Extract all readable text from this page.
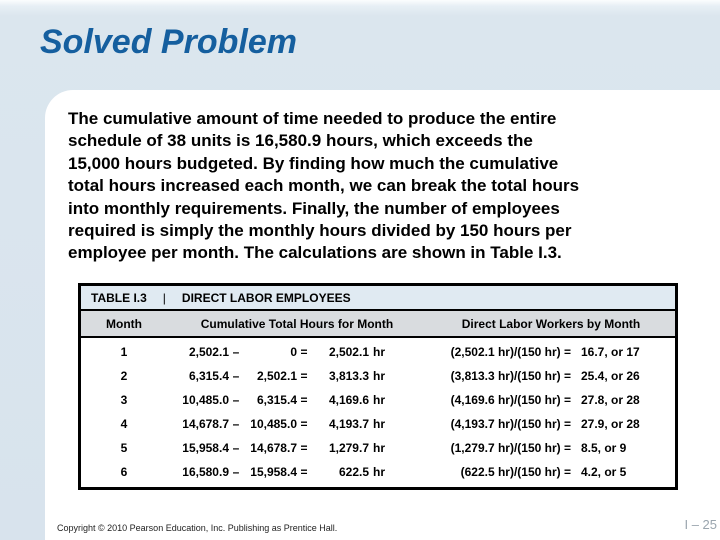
Solved Problem
The cumulative amount of time needed to produce the entire
schedule of 38 units is 16,580.9 hours, which exceeds the
15,000 hours budgeted. By finding how much the cumulative
total hours increased each month, we can break the total hours
into monthly requirements. Finally, the number of employees
required is simply the monthly hours divided by 150 hours per
employee per month. The calculations are shown in Table I.3.
TABLE I.3 | DIRECT LABOR EMPLOYEES
Month	Cumulative Total Hours for Month	Direct Labor Workers by Month
1	2,502.1 –	0 =	2,502.1 hr	(2,502.1 hr)/(150 hr) = 16.7, or 17
2	6,315.4 –	2,502.1 =	3,813.3 hr	(3,813.3 hr)/(150 hr) = 25.4, or 26
3	10,485.0 –	6,315.4 =	4,169.6 hr	(4,169.6 hr)/(150 hr) = 27.8, or 28
4	14,678.7 – 10,485.0 =	4,193.7 hr	(4,193.7 hr)/(150 hr) = 27.9, or 28
5	15,958.4 – 14,678.7 =	1,279.7 hr	(1,279.7 hr)/(150 hr) = 8.5, or 9
6	16,580.9 – 15,958.4 =	622.5 hr	(622.5 hr)/(150 hr) = 4.2, or 5
Copyright © 2010 Pearson Education, Inc. Publishing as Prentice Hall.	I – 25
